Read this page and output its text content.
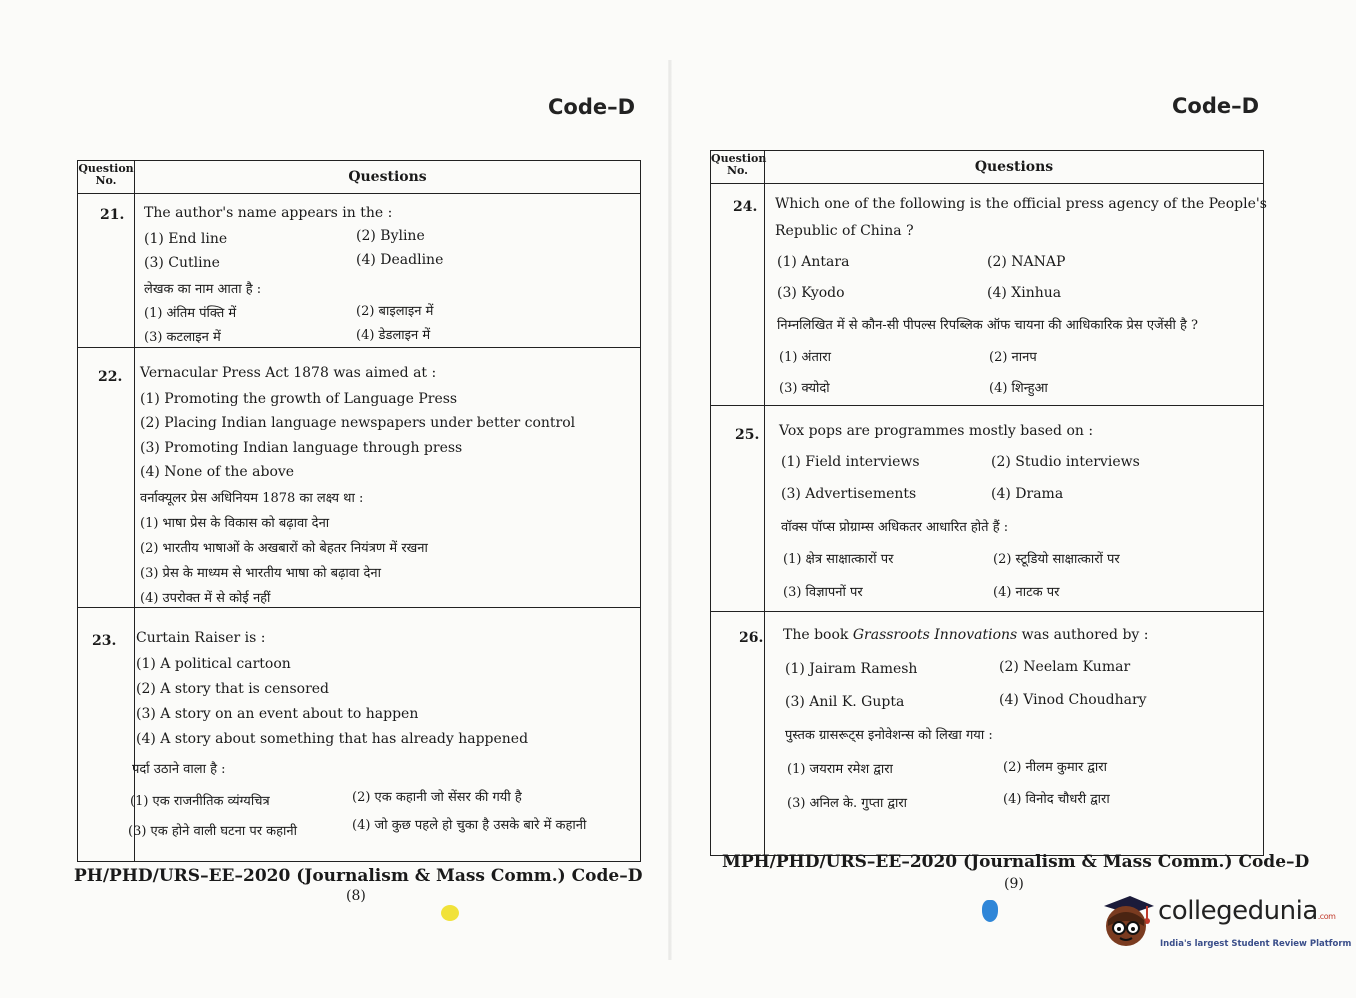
Code–D
Question No.	Questions
21. The author's name appears in the :
(1) End line	(2) Byline
(3) Cutline	(4) Deadline
लेखक का नाम आता है :
(1) अंतिम पंक्ति में	(2) बाइलाइन में
(3) कटलाइन में	(4) डेडलाइन में
22. Vernacular Press Act 1878 was aimed at :
(1) Promoting the growth of Language Press
(2) Placing Indian language newspapers under better control
(3) Promoting Indian language through press
(4) None of the above
वर्नाक्यूलर प्रेस अधिनियम 1878 का लक्ष्य था :
(1) भाषा प्रेस के विकास को बढ़ावा देना
(2) भारतीय भाषाओं के अखबारों को बेहतर नियंत्रण में रखना
(3) प्रेस के माध्यम से भारतीय भाषा को बढ़ावा देना
(4) उपरोक्त में से कोई नहीं
23. Curtain Raiser is :
(1) A political cartoon
(2) A story that is censored
(3) A story on an event about to happen
(4) A story about something that has already happened
पर्दा उठाने वाला है :
(1) एक राजनीतिक व्यंग्यचित्र	(2) एक कहानी जो सेंसर की गयी है
(3) एक होने वाली घटना पर कहानी	(4) जो कुछ पहले हो चुका है उसके बारे में कहानी
PH/PHD/URS–EE–2020 (Journalism & Mass Comm.) Code–D
(8)
Code–D
Question No.	Questions
24. Which one of the following is the official press agency of the People's
Republic of China ?
(1) Antara	(2) NANAP
(3) Kyodo	(4) Xinhua
निम्नलिखित में से कौन-सी पीपल्स रिपब्लिक ऑफ चायना की आधिकारिक प्रेस एजेंसी है ?
(1) अंतारा	(2) नानप
(3) क्योदो	(4) शिन्हुआ
25. Vox pops are programmes mostly based on :
(1) Field interviews	(2) Studio interviews
(3) Advertisements	(4) Drama
वॉक्स पॉप्स प्रोग्राम्स अधिकतर आधारित होते हैं :
(1) क्षेत्र साक्षात्कारों पर	(2) स्टूडियो साक्षात्कारों पर
(3) विज्ञापनों पर	(4) नाटक पर
26. The book Grassroots Innovations was authored by :
(1) Jairam Ramesh	(2) Neelam Kumar
(3) Anil K. Gupta	(4) Vinod Choudhary
पुस्तक ग्रासरूट्स इनोवेशन्स को लिखा गया :
(1) जयराम रमेश द्वारा	(2) नीलम कुमार द्वारा
(3) अनिल के. गुप्ता द्वारा	(4) विनोद चौधरी द्वारा
MPH/PHD/URS–EE–2020 (Journalism & Mass Comm.) Code–D
(9)
collegedunia.com
India's largest Student Review Platform
